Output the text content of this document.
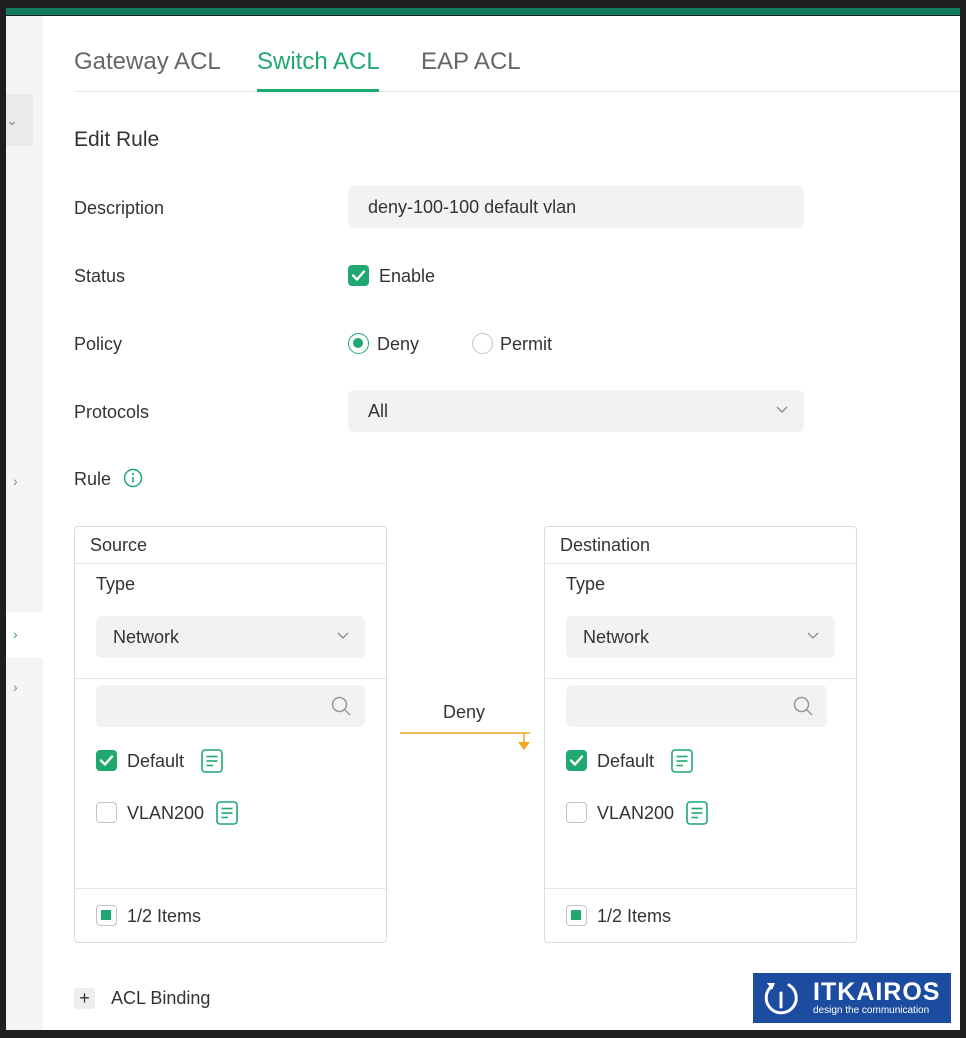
⌄
›
›
›
Gateway ACL Switch ACL EAP ACL
Edit Rule
Description	deny-100-100 default vlan
Status	Enable
Policy	Deny	Permit
Protocols	All
Rule
Source
Type
Network
Default
VLAN200
1/2 Items
Deny
Destination
Type
Network
Default
VLAN200
1/2 Items
+ ACL Binding	ITKAIROS
design the communication
